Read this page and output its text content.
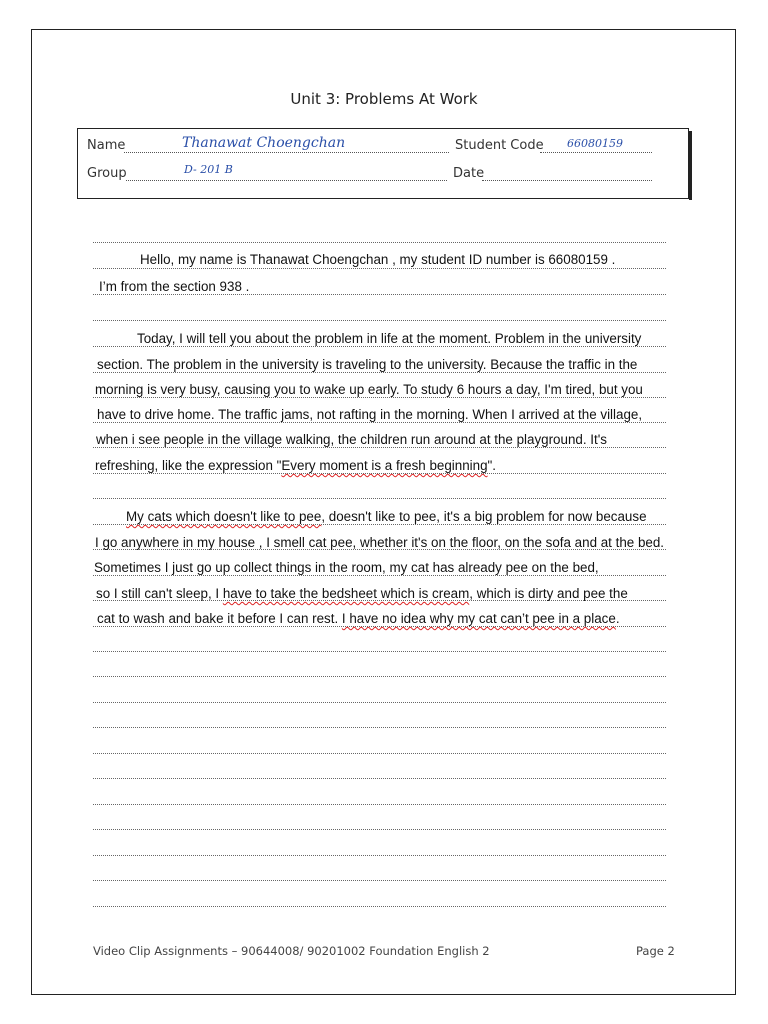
Unit 3: Problems At Work
Name	Thanawat Choengchan	Student Code 66080159
Group	D- 201 B	Date
Hello, my name is Thanawat Choengchan , my student ID number is 66080159 .
I’m from the section 938 .
Today, I will tell you about the problem in life at the moment. Problem in the university
section. The problem in the university is traveling to the university. Because the traffic in the
morning is very busy, causing you to wake up early. To study 6 hours a day, I'm tired, but you
have to drive home. The traffic jams, not rafting in the morning. When I arrived at the village,
when i see people in the village walking, the children run around at the playground. It's
refreshing, like the expression "Every moment is a fresh beginning".
My cats which doesn't like to pee, doesn't like to pee, it's a big problem for now because
I go anywhere in my house , I smell cat pee, whether it's on the floor, on the sofa and at the bed.
Sometimes I just go up collect things in the room, my cat has already pee on the bed,
so I still can't sleep, I have to take the bedsheet which is cream, which is dirty and pee the
cat to wash and bake it before I can rest. I have no idea why my cat can’t pee in a place.
Video Clip Assignments – 90644008/ 90201002 Foundation English 2	Page 2
